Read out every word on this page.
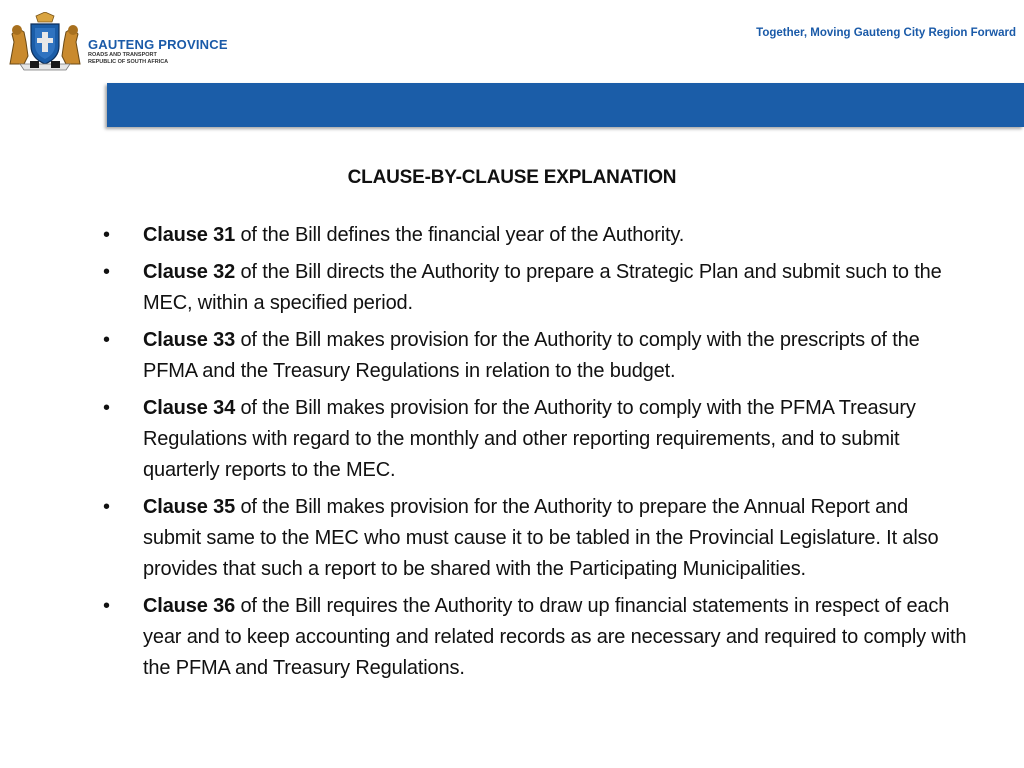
GAUTENG PROVINCE
ROADS AND TRANSPORT
REPUBLIC OF SOUTH AFRICA
Together, Moving Gauteng City Region Forward
CLAUSE-BY-CLAUSE EXPLANATION
• Clause 31 of the Bill defines the financial year of the Authority.
• Clause 32 of the Bill directs the Authority to prepare a Strategic Plan and submit such to the MEC, within a specified period.
• Clause 33 of the Bill makes provision for the Authority to comply with the prescripts of the PFMA and the Treasury Regulations in relation to the budget.
• Clause 34 of the Bill makes provision for the Authority to comply with the PFMA Treasury Regulations with regard to the monthly and other reporting requirements, and to submit quarterly reports to the MEC.
• Clause 35 of the Bill makes provision for the Authority to prepare the Annual Report and submit same to the MEC who must cause it to be tabled in the Provincial Legislature. It also provides that such a report to be shared with the Participating Municipalities.
• Clause 36 of the Bill requires the Authority to draw up financial statements in respect of each year and to keep accounting and related records as are necessary and required to comply with the PFMA and Treasury Regulations.
